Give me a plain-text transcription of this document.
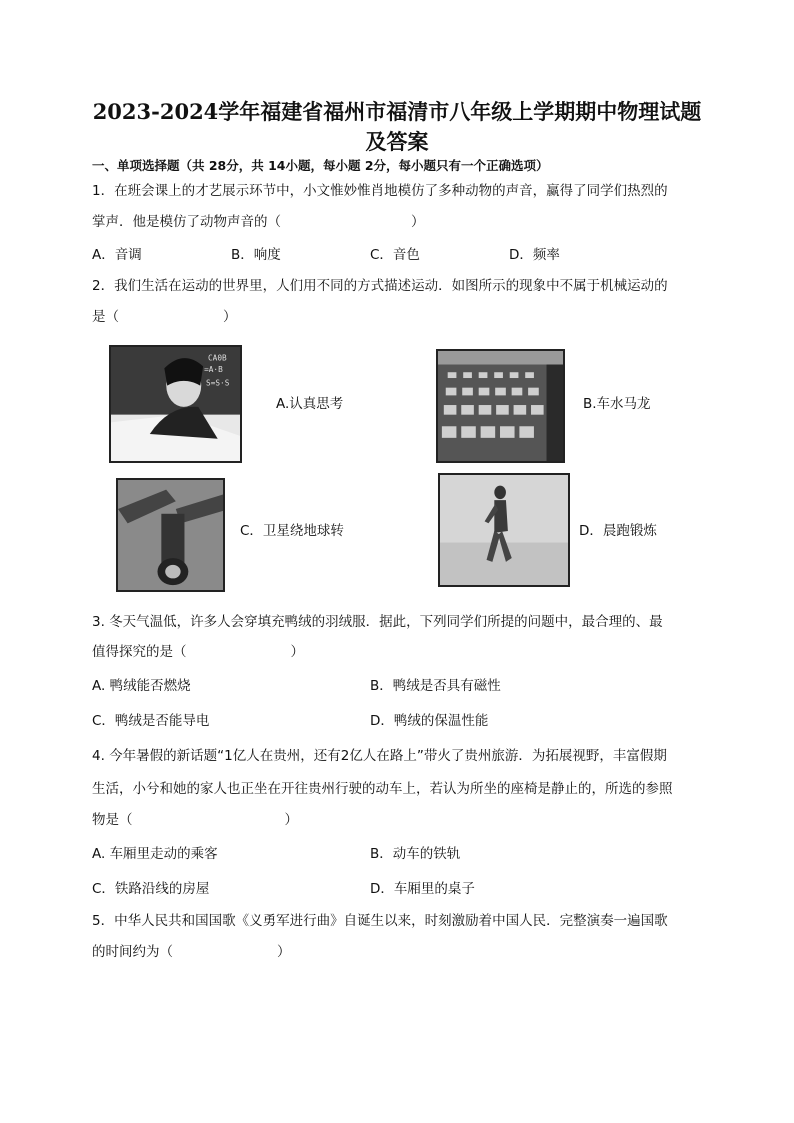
2023-2024学年福建省福州市福清市八年级上学期期中物理试题
及答案
一、单项选择题（共 28分，共 14小题，每小题 2分，每小题只有一个正确选项）
1．在班会课上的才艺展示环节中，小文惟妙惟肖地模仿了多种动物的声音，赢得了同学们热烈的
掌声．他是模仿了动物声音的（	）
A．音调	B．响度	C．音色	D．频率
2．我们生活在运动的世界里，人们用不同的方式描述运动．如图所示的现象中不属于机械运动的
是（	）
CA0B
=A·B
S=S·S
A.认真思考	B.车水马龙
C．卫星绕地球转	D．晨跑锻炼
3. 冬天气温低，许多人会穿填充鸭绒的羽绒服．据此，下列同学们所提的问题中，最合理的、最
值得探究的是（	）
A. 鸭绒能否燃烧	B．鸭绒是否具有磁性
C．鸭绒是否能导电	D．鸭绒的保温性能
4. 今年暑假的新话题“1亿人在贵州，还有2亿人在路上”带火了贵州旅游．为拓展视野，丰富假期
生活，小兮和她的家人也正坐在开往贵州行驶的动车上，若认为所坐的座椅是静止的，所选的参照
物是（	）
A. 车厢里走动的乘客	B．动车的铁轨
C．铁路沿线的房屋	D．车厢里的桌子
5．中华人民共和国国歌《义勇军进行曲》自诞生以来，时刻激励着中国人民．完整演奏一遍国歌
的时间约为（	）
